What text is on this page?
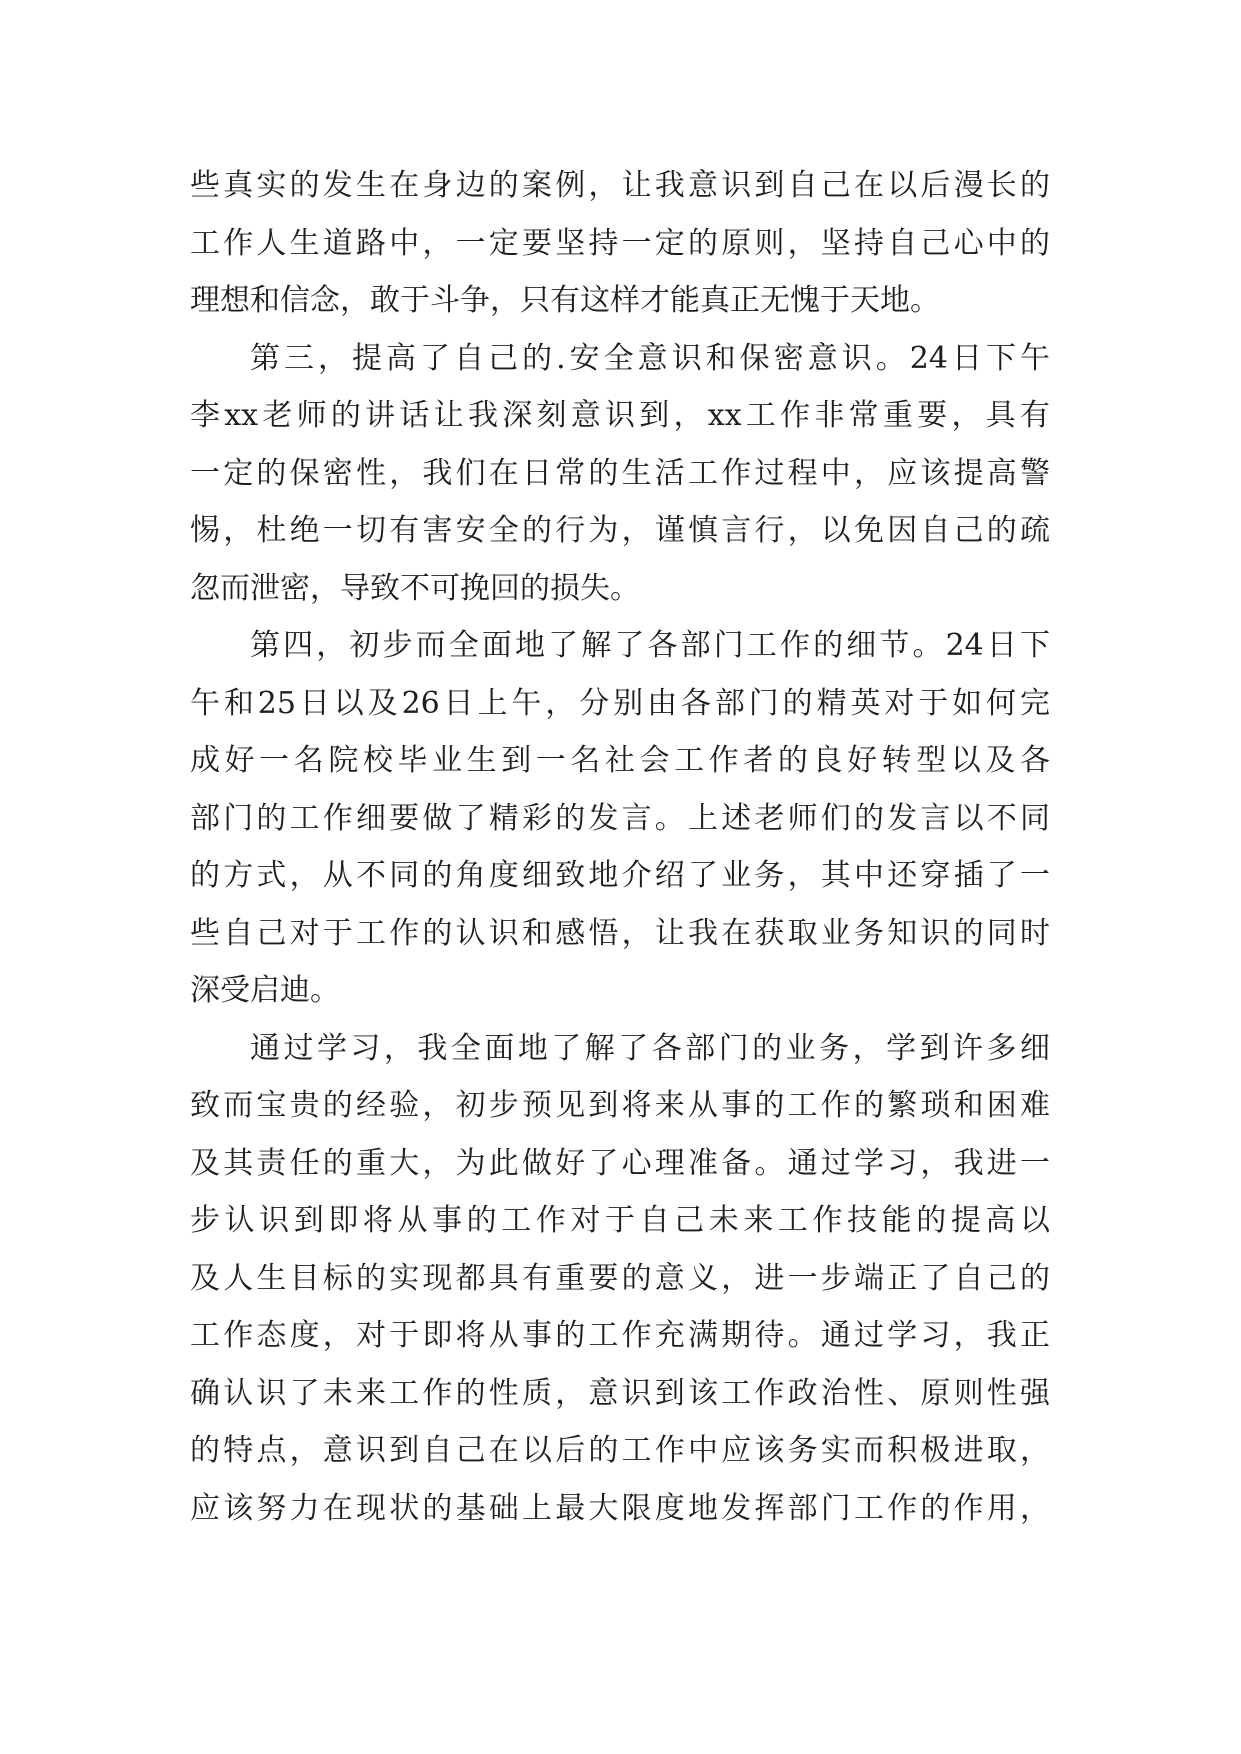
些真实的发生在身边的案例，让我意识到自己在以后漫长的
工作人生道路中，一定要坚持一定的原则，坚持自己心中的
理想和信念，敢于斗争，只有这样才能真正无愧于天地。
第三，提高了自己的.安全意识和保密意识。24日下午
李xx老师的讲话让我深刻意识到，xx工作非常重要，具有
一定的保密性，我们在日常的生活工作过程中，应该提高警
惕，杜绝一切有害安全的行为，谨慎言行，以免因自己的疏
忽而泄密，导致不可挽回的损失。
第四，初步而全面地了解了各部门工作的细节。24日下
午和25日以及26日上午，分别由各部门的精英对于如何完
成好一名院校毕业生到一名社会工作者的良好转型以及各
部门的工作细要做了精彩的发言。上述老师们的发言以不同
的方式，从不同的角度细致地介绍了业务，其中还穿插了一
些自己对于工作的认识和感悟，让我在获取业务知识的同时
深受启迪。
通过学习，我全面地了解了各部门的业务，学到许多细
致而宝贵的经验，初步预见到将来从事的工作的繁琐和困难
及其责任的重大，为此做好了心理准备。通过学习，我进一
步认识到即将从事的工作对于自己未来工作技能的提高以
及人生目标的实现都具有重要的意义，进一步端正了自己的
工作态度，对于即将从事的工作充满期待。通过学习，我正
确认识了未来工作的性质，意识到该工作政治性、原则性强
的特点，意识到自己在以后的工作中应该务实而积极进取，
应该努力在现状的基础上最大限度地发挥部门工作的作用，
